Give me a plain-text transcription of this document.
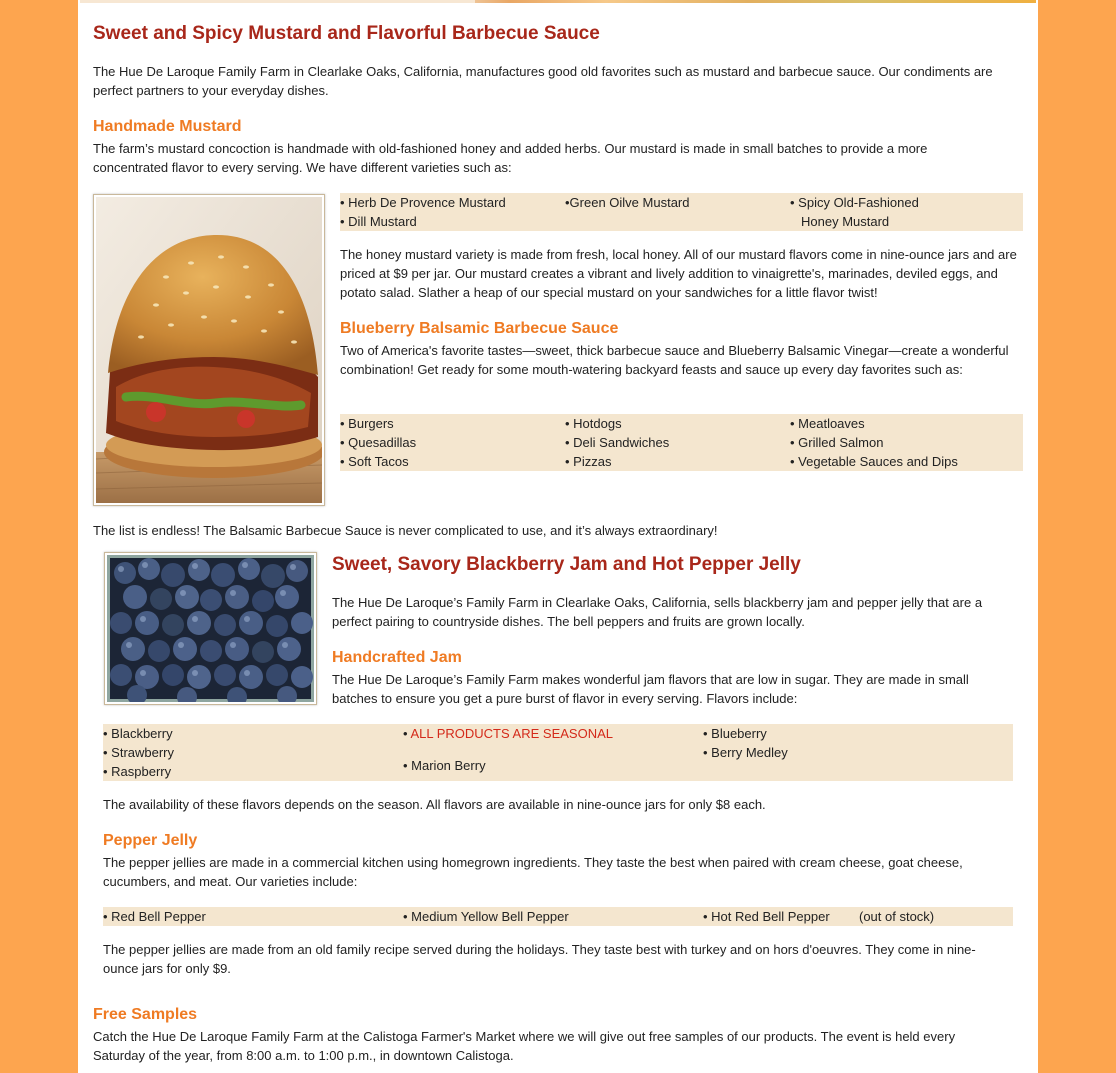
Sweet and Spicy Mustard and Flavorful Barbecue Sauce

The Hue De Laroque Family Farm in Clearlake Oaks, California, manufactures good old favorites such as mustard and barbecue sauce. Our condiments are perfect partners to your everyday dishes.

Handmade Mustard

The farm’s mustard concoction is handmade with old-fashioned honey and added herbs. Our mustard is made in small batches to provide a more concentrated flavor to every serving. We have different varieties such as:

• Herb De Provence Mustard
• Dill Mustard
•Green Oilve Mustard	• Spicy Old-Fashioned
Honey Mustard

The honey mustard variety is made from fresh, local honey. All of our mustard flavors come in nine-ounce jars and are priced at $9 per jar. Our mustard creates a vibrant and lively addition to vinaigrette's, marinades, deviled eggs, and potato salad. Slather a heap of our special mustard on your sandwiches for a little flavor twist!

Blueberry Balsamic Barbecue Sauce

Two of America's favorite tastes—sweet, thick barbecue sauce and Blueberry Balsamic Vinegar—create a wonderful combination! Get ready for some mouth-watering backyard feasts and sauce up every day favorites such as:

• Burgers	• Hotdogs	• Meatloaves
• Quesadillas	• Deli Sandwiches	• Grilled Salmon
• Soft Tacos	• Pizzas	• Vegetable Sauces and Dips

The list is endless! The Balsamic Barbecue Sauce is never complicated to use, and it’s always extraordinary!

Sweet, Savory Blackberry Jam and Hot Pepper Jelly

The Hue De Laroque’s Family Farm in Clearlake Oaks, California, sells blackberry jam and pepper jelly that are a perfect pairing to countryside dishes. The bell peppers and fruits are grown locally.

Handcrafted Jam

The Hue De Laroque’s Family Farm makes wonderful jam flavors that are low in sugar. They are made in small batches to ensure you get a pure burst of flavor in every serving. Flavors include:

• Blackberry
• Strawberry
• Raspberry
• ALL PRODUCTS ARE SEASONAL
• Marion Berry
• Blueberry
• Berry Medley

The availability of these flavors depends on the season. All flavors are available in nine-ounce jars for only $8 each.

Pepper Jelly

The pepper jellies are made in a commercial kitchen using homegrown ingredients. They taste the best when paired with cream cheese, goat cheese, cucumbers, and meat. Our varieties include:

• Red Bell Pepper	• Medium Yellow Bell Pepper	• Hot Red Bell Pepper (out of stock)

The pepper jellies are made from an old family recipe served during the holidays. They taste best with turkey and on hors d'oeuvres. They come in nine-ounce jars for only $9.

Free Samples

Catch the Hue De Laroque Family Farm at the Calistoga Farmer's Market where we will give out free samples of our products. The event is held every Saturday of the year, from 8:00 a.m. to 1:00 p.m., in downtown Calistoga.
